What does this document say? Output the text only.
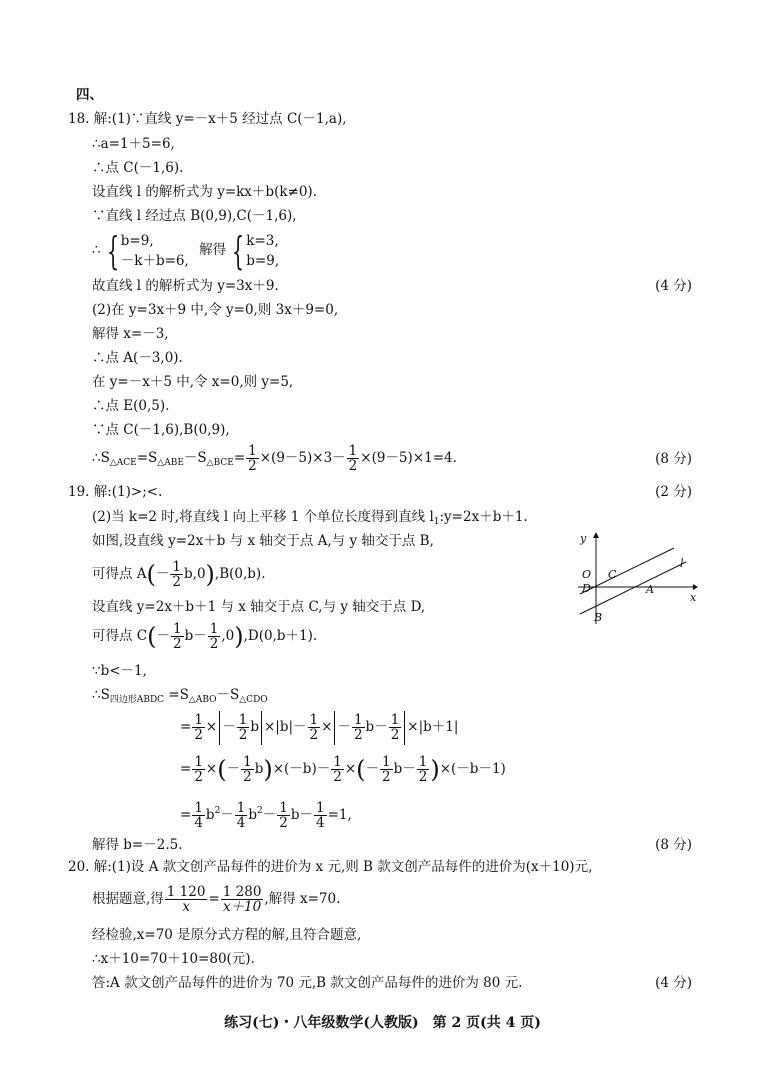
四、
18. 解:(1)∵直线 y=－x＋5 经过点 C(－1,a),
∴a=1＋5=6,
∴点 C(－1,6).
设直线 l 的解析式为 y=kx＋b(k≠0).
∵直线 l 经过点 B(0,9),C(－1,6),
∴ { b=9,
－k＋b=6, 解得 { k=3,
b=9,
故直线 l 的解析式为 y=3x＋9.	(4 分)
(2)在 y=3x＋9 中,令 y=0,则 3x＋9=0,
解得 x=－3,
∴点 A(－3,0).
在 y=－x＋5 中,令 x=0,则 y=5,
∴点 E(0,5).
∵点 C(－1,6),B(0,9),
$\therefore S_{\triangle ACE}=S_{\triangle ABE}-S_{\triangle BCE}= \frac{1}{2} \times(9-5)\times 3- \frac{1}{2} \times(9-5)\times 1=4$.	(8 分)
19. 解:(1)>;<.	(2 分)
(2)当 k=2 时,将直线 l 向上平移 1 个单位长度得到直线 $l_1:y=2x+b+1$.
如图,设直线 y=2x＋b 与 x 轴交于点 A,与 y 轴交于点 B,
可得点 $A(- \frac{1}{2} b,0),B(0,b)$.
设直线 y=2x＋b＋1 与 x 轴交于点 C,与 y 轴交于点 D,
可得点 $C(- \frac{1}{2} b- \frac{1}{2} ,0),D(0,b+1)$.
∵b<－1,
$\therefore S_{四边形ABDC} =S_{\triangle ABO}-S_{\triangle CDO}$
= $\frac{1}{2}$ × － $\frac{1}{2}$ $b \times|b|- \frac{1}{2}$ × － $\frac{1}{2} b- \frac{1}{2} \times|b+1|$
= $\frac{1}{2}$ ×(－ $\frac{1}{2} b)\times(-b)- \frac{1}{2}$ ×(－ $\frac{1}{2} b- \frac{1}{2} )\times(-b-1)$
= $\frac{1}{4} b^2- \frac{1}{4} b^2- \frac{1}{2} b- \frac{1}{4} =1$,
解得 b=－2.5.	(8 分)
y
x
O C
D	A
B
l
20. 解:(1)设 A 款文创产品每件的进价为 x 元,则 B 款文创产品每件的进价为(x＋10)元,
根据题意,得 $\frac{1 120}{x} = \frac{1 280}{x+10}$ ,解得 x=70.
经检验,x=70 是原分式方程的解,且符合题意,
∴x＋10=70＋10=80(元).
答:A 款文创产品每件的进价为 70 元,B 款文创产品每件的进价为 80 元.	(4 分)
练习(七)・八年级数学(人教版)　第 2 页(共 4 页)
